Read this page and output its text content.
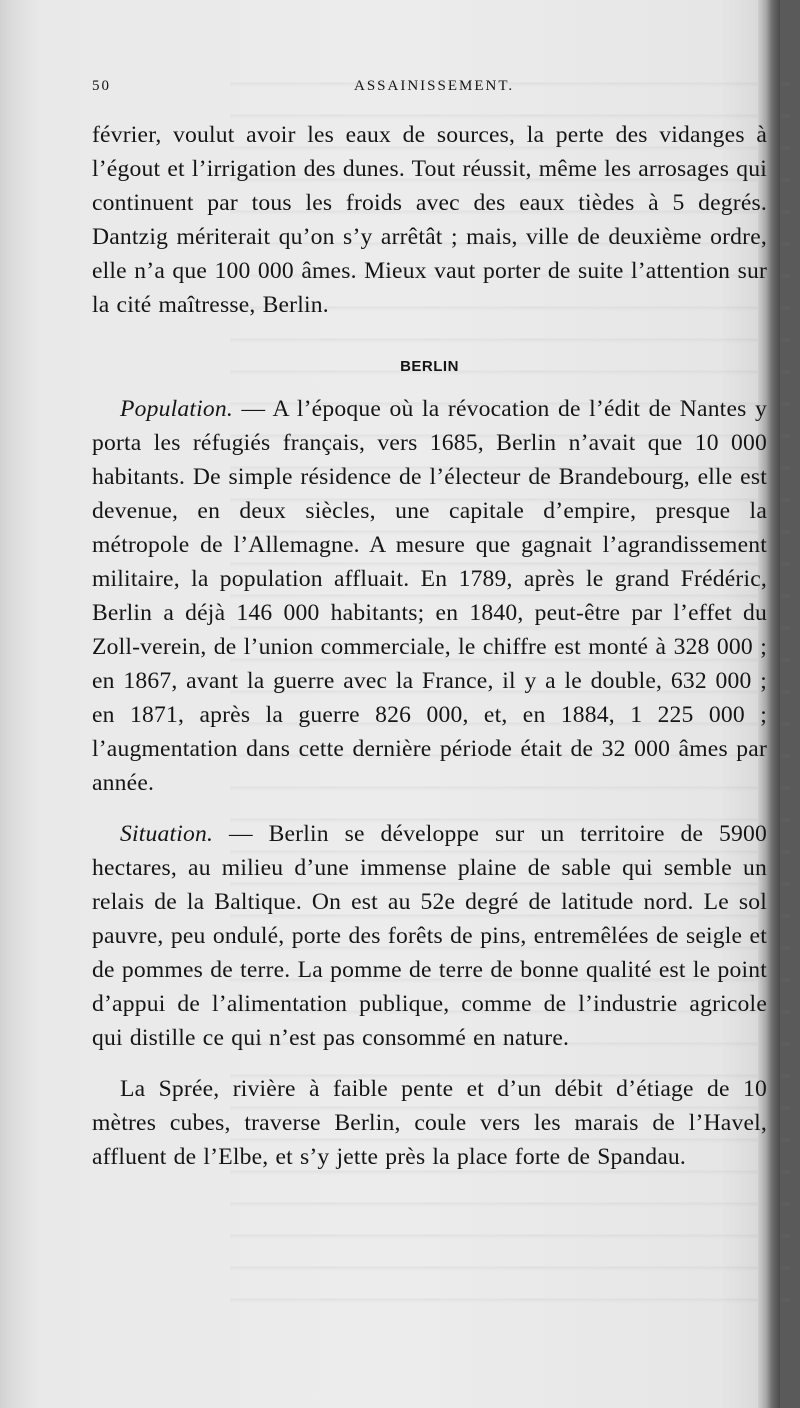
50	ASSAINISSEMENT.

février, voulut avoir les eaux de sources, la perte des vidanges à l’égout et l’irrigation des dunes. Tout réussit, même les arrosages qui continuent par tous les froids avec des eaux tièdes à 5 degrés. Dantzig mériterait qu’on s’y arrêtât ; mais, ville de deuxième ordre, elle n’a que 100 000 âmes. Mieux vaut porter de suite l’attention sur la cité maîtresse, Berlin.

BERLIN

Population. — A l’époque où la révocation de l’édit de Nantes y porta les réfugiés français, vers 1685, Berlin n’avait que 10 000 habitants. De simple résidence de l’électeur de Brandebourg, elle est devenue, en deux siècles, une capitale d’empire, presque la métropole de l’Allemagne. A mesure que gagnait l’agrandissement militaire, la population affluait. En 1789, après le grand Frédéric, Berlin a déjà 146 000 habitants; en 1840, peut-être par l’effet du Zoll-verein, de l’union commerciale, le chiffre est monté à 328 000 ; en 1867, avant la guerre avec la France, il y a le double, 632 000 ; en 1871, après la guerre 826 000, et, en 1884, 1 225 000 ; l’augmentation dans cette dernière période était de 32 000 âmes par année.

Situation. — Berlin se développe sur un territoire de 5900 hectares, au milieu d’une immense plaine de sable qui semble un relais de la Baltique. On est au 52e degré de latitude nord. Le sol pauvre, peu ondulé, porte des forêts de pins, entremêlées de seigle et de pommes de terre. La pomme de terre de bonne qualité est le point d’appui de l’alimentation publique, comme de l’industrie agricole qui distille ce qui n’est pas consommé en nature.

La Sprée, rivière à faible pente et d’un débit d’étiage de 10 mètres cubes, traverse Berlin, coule vers les marais de l’Havel, affluent de l’Elbe, et s’y jette près la place forte de Spandau.
